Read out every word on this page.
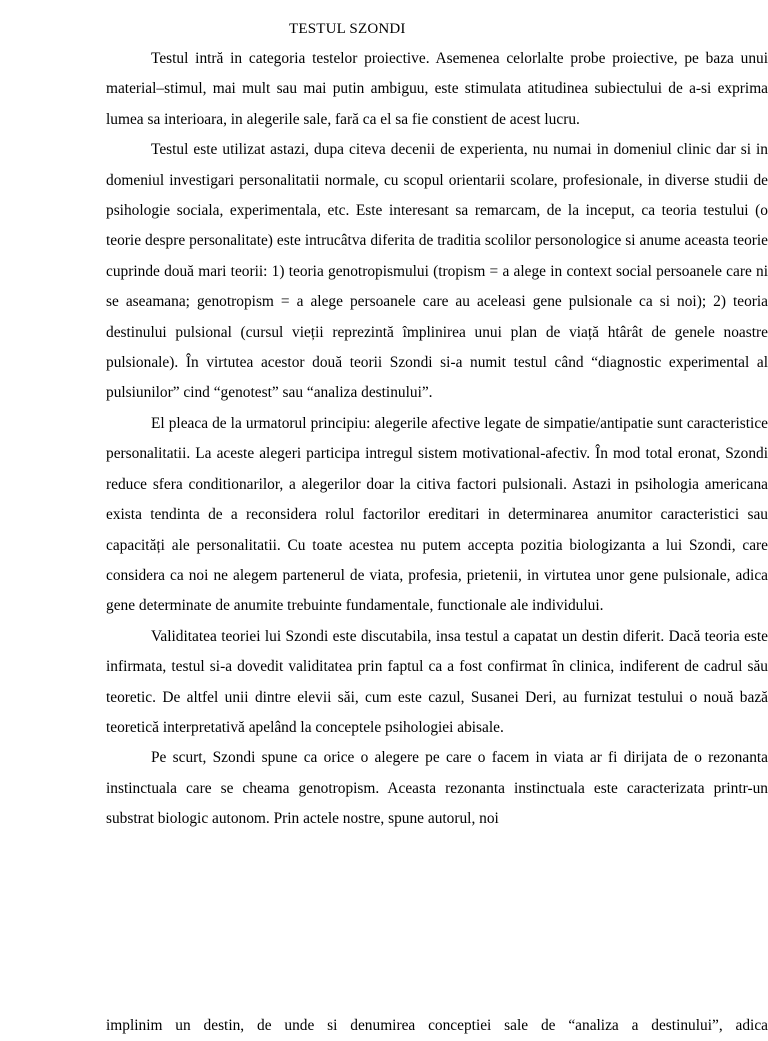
TESTUL SZONDI

Testul intră in categoria testelor proiective. Asemenea celorlalte probe proiective, pe baza unui material–stimul, mai mult sau mai putin ambiguu, este stimulata atitudinea subiectului de a-si exprima lumea sa interioara, in alegerile sale, fară ca el sa fie constient de acest lucru.

Testul este utilizat astazi, dupa citeva decenii de experienta, nu numai in domeniul clinic dar si in domeniul investigari personalitatii normale, cu scopul orientarii scolare, profesionale, in diverse studii de psihologie sociala, experimentala, etc. Este interesant sa remarcam, de la inceput, ca teoria testului (o teorie despre personalitate) este intrucâtva diferita de traditia scolilor personologice si anume aceasta teorie cuprinde două mari teorii: 1) teoria genotropismului (tropism = a alege in context social persoanele care ni se aseamana; genotropism = a alege persoanele care au aceleasi gene pulsionale ca si noi); 2) teoria destinului pulsional (cursul vieții reprezintă împlinirea unui plan de viață htârât de genele noastre pulsionale). În virtutea acestor două teorii Szondi si-a numit testul când “diagnostic experimental al pulsiunilor” cind “genotest” sau “analiza destinului”.

El pleaca de la urmatorul principiu: alegerile afective legate de simpatie/antipatie sunt caracteristice personalitatii. La aceste alegeri participa intregul sistem motivational-afectiv. În mod total eronat, Szondi reduce sfera conditionarilor, a alegerilor doar la citiva factori pulsionali. Astazi in psihologia americana exista tendinta de a reconsidera rolul factorilor ereditari in determinarea anumitor caracteristici sau capacități ale personalitatii. Cu toate acestea nu putem accepta pozitia biologizanta a lui Szondi, care considera ca noi ne alegem partenerul de viata, profesia, prietenii, in virtutea unor gene pulsionale, adica gene determinate de anumite trebuinte fundamentale, functionale ale individului.

Validitatea teoriei lui Szondi este discutabila, insa testul a capatat un destin diferit. Dacă teoria este infirmata, testul si-a dovedit validitatea prin faptul ca a fost confirmat în clinica, indiferent de cadrul său teoretic. De altfel unii dintre elevii săi, cum este cazul, Susanei Deri, au furnizat testului o nouă bază teoretică interpretativă apelând la conceptele psihologiei abisale.

Pe scurt, Szondi spune ca orice o alegere pe care o facem in viata ar fi dirijata de o rezonanta instinctuala care se cheama genotropism. Aceasta rezonanta instinctuala este caracterizata printr-un substrat biologic autonom. Prin actele nostre, spune autorul, noi

implinim un destin, de unde si denumirea conceptiei sale de “analiza a destinului”, adica
